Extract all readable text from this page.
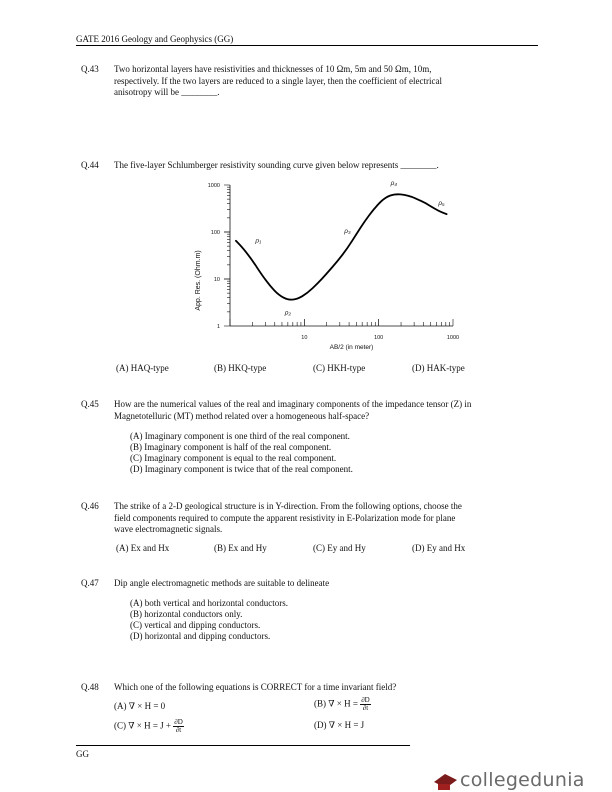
GATE 2016 Geology and Geophysics (GG)
Q.43 Two horizontal layers have resistivities and thicknesses of 10 Ωm, 5m and 50 Ωm, 10m,
respectively. If the two layers are reduced to a single layer, then the coefficient of electrical
anisotropy will be ________.
Q.44 The five-layer Schlumberger resistivity sounding curve given below represents ________.
10	100	1000
1000
100
10
1
AB/2 (in meter)
App. Res. (Ohm.m)
ρ₁
ρ₂
ρ₃
ρ₄
ρ₅
(A) HAQ-type	(B) HKQ-type	(C) HKH-type	(D) HAK-type
Q.45 How are the numerical values of the real and imaginary components of the impedance tensor (Z) in
Magnetotelluric (MT) method related over a homogeneous half-space?
(A) Imaginary component is one third of the real component.
(B) Imaginary component is half of the real component.
(C) Imaginary component is equal to the real component.
(D) Imaginary component is twice that of the real component.
Q.46 The strike of a 2-D geological structure is in Y-direction. From the following options, choose the
field components required to compute the apparent resistivity in E-Polarization mode for plane
wave electromagnetic signals.
(A) Ex and Hx	(B) Ex and Hy	(C) Ey and Hy	(D) Ey and Hx
Q.47 Dip angle electromagnetic methods are suitable to delineate
(A) both vertical and horizontal conductors.
(B) horizontal conductors only.
(C) vertical and dipping conductors.
(D) horizontal and dipping conductors.
Q.48 Which one of the following equations is CORRECT for a time invariant field?
(A) ∇ × H = 0	(B) ∇ × $H = \frac{\partial D}{\partial t}$
(C) ∇ × $H = J + \frac{\partial D}{\partial t}$	(D) ∇ × H = J
GG
collegedunia
